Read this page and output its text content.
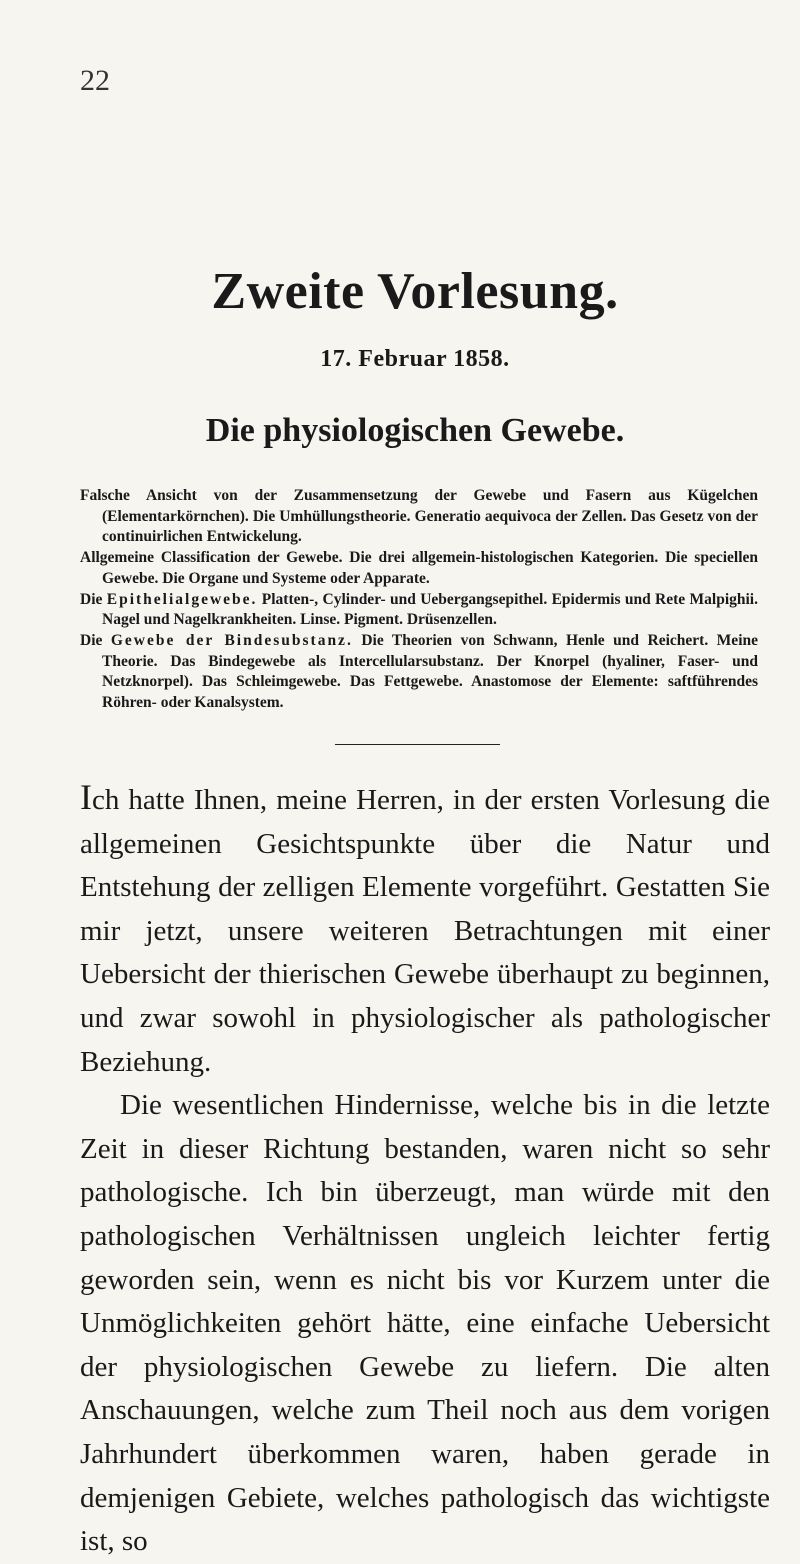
22
Zweite Vorlesung.
17. Februar 1858.
Die physiologischen Gewebe.

Falsche Ansicht von der Zusammensetzung der Gewebe und Fasern aus Kügelchen (Elementarkörnchen). Die Umhüllungstheorie. Generatio aequivoca der Zellen. Das Gesetz von der continuirlichen Entwickelung.

Allgemeine Classification der Gewebe. Die drei allgemein-histologischen Kategorien. Die speciellen Gewebe. Die Organe und Systeme oder Apparate.

Die Epithelialgewebe. Platten-, Cylinder- und Uebergangsepithel. Epidermis und Rete Malpighii. Nagel und Nagelkrankheiten. Linse. Pigment. Drüsenzellen.

Die Gewebe der Bindesubstanz. Die Theorien von Schwann, Henle und Reichert. Meine Theorie. Das Bindegewebe als Intercellularsubstanz. Der Knorpel (hyaliner, Faser- und Netzknorpel). Das Schleimgewebe. Das Fettgewebe. Anastomose der Elemente: saftführendes Röhren- oder Kanalsystem.

Ich hatte Ihnen, meine Herren, in der ersten Vorlesung die allgemeinen Gesichtspunkte über die Natur und Entstehung der zelligen Elemente vorgeführt. Gestatten Sie mir jetzt, unsere weiteren Betrachtungen mit einer Uebersicht der thierischen Gewebe überhaupt zu beginnen, und zwar sowohl in physiologischer als pathologischer Beziehung.

Die wesentlichen Hindernisse, welche bis in die letzte Zeit in dieser Richtung bestanden, waren nicht so sehr pathologische. Ich bin überzeugt, man würde mit den pathologischen Verhältnissen ungleich leichter fertig geworden sein, wenn es nicht bis vor Kurzem unter die Unmöglichkeiten gehört hätte, eine einfache Uebersicht der physiologischen Gewebe zu liefern. Die alten Anschauungen, welche zum Theil noch aus dem vorigen Jahrhundert überkommen waren, haben gerade in demjenigen Gebiete, welches pathologisch das wichtigste ist, so
